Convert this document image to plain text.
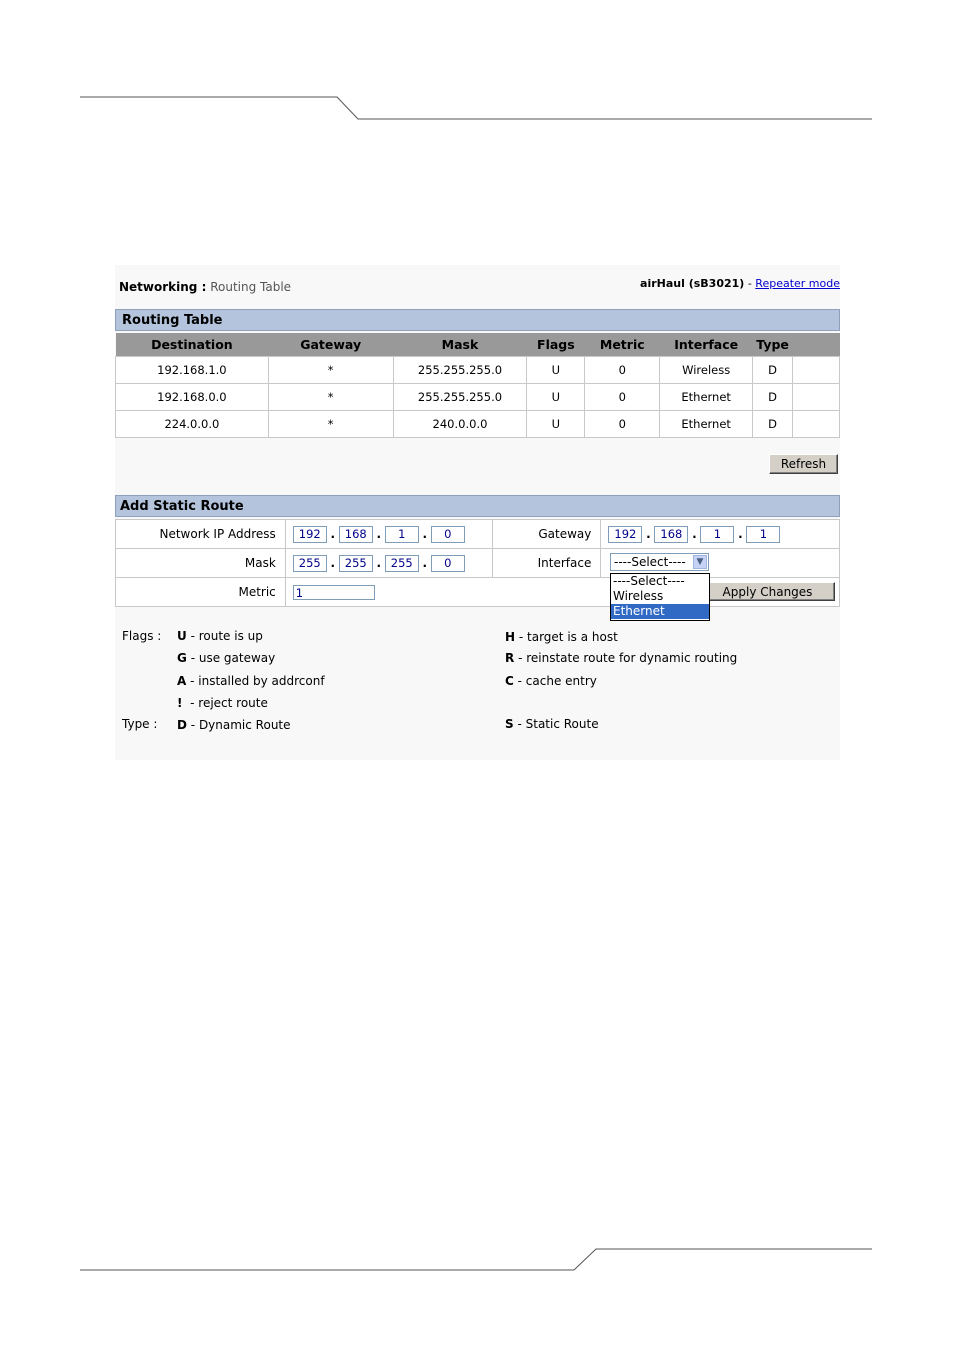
Networking : Routing Table	airHaul (sB3021) - Repeater mode
Routing Table
Destination	Gateway	Mask	Flags	Metric	Interface	Type	
192.168.1.0	*	255.255.255.0	U	0	Wireless	D	
192.168.0.0	*	255.255.255.0	U	0	Ethernet	D	
224.0.0.0	*	240.0.0.0	U	0	Ethernet	D	
Refresh
Add Static Route
Network IP Address	192 . 168 . 1 . 0	Gateway	192 . 168 . 1 . 1
Mask	255 . 255 . 255 . 0	Interface	
Metric	1			Apply Changes
----Select----	▼
----Select----
Wireless
Ethernet
Flags : U - route is up
G - use gateway
A - installed by addrconf
! - reject route
Type : D - Dynamic Route
H - target is a host
R - reinstate route for dynamic routing
C - cache entry
S - Static Route
